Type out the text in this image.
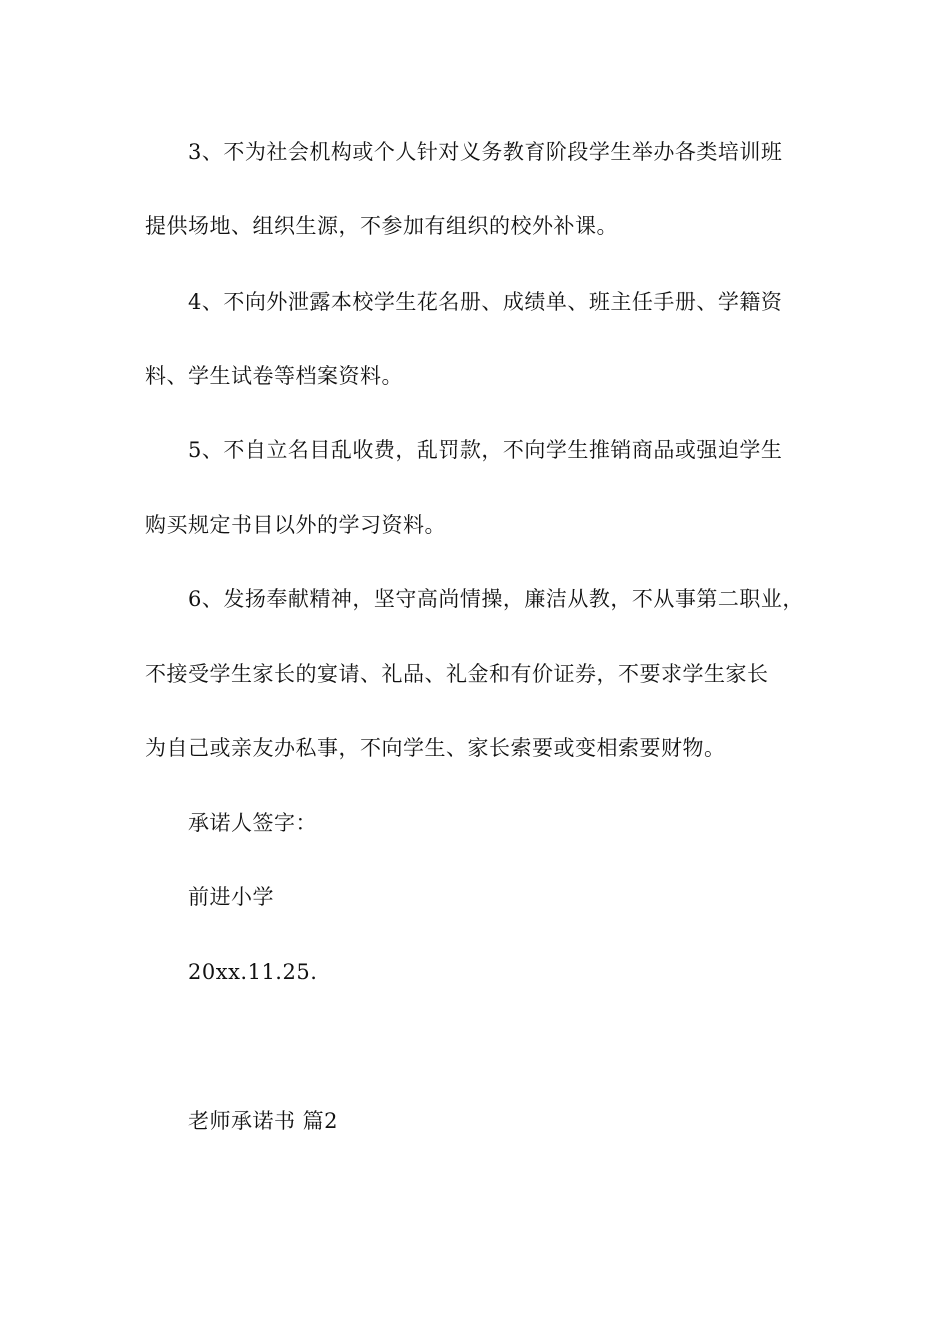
3、不为社会机构或个人针对义务教育阶段学生举办各类培训班
提供场地、组织生源，不参加有组织的校外补课。
4、不向外泄露本校学生花名册、成绩单、班主任手册、学籍资
料、学生试卷等档案资料。
5、不自立名目乱收费，乱罚款，不向学生推销商品或强迫学生
购买规定书目以外的学习资料。
6、发扬奉献精神，坚守高尚情操，廉洁从教，不从事第二职业，
不接受学生家长的宴请、礼品、礼金和有价证券，不要求学生家长
为自己或亲友办私事，不向学生、家长索要或变相索要财物。
承诺人签字：
前进小学
20xx.11.25.
老师承诺书 篇2
